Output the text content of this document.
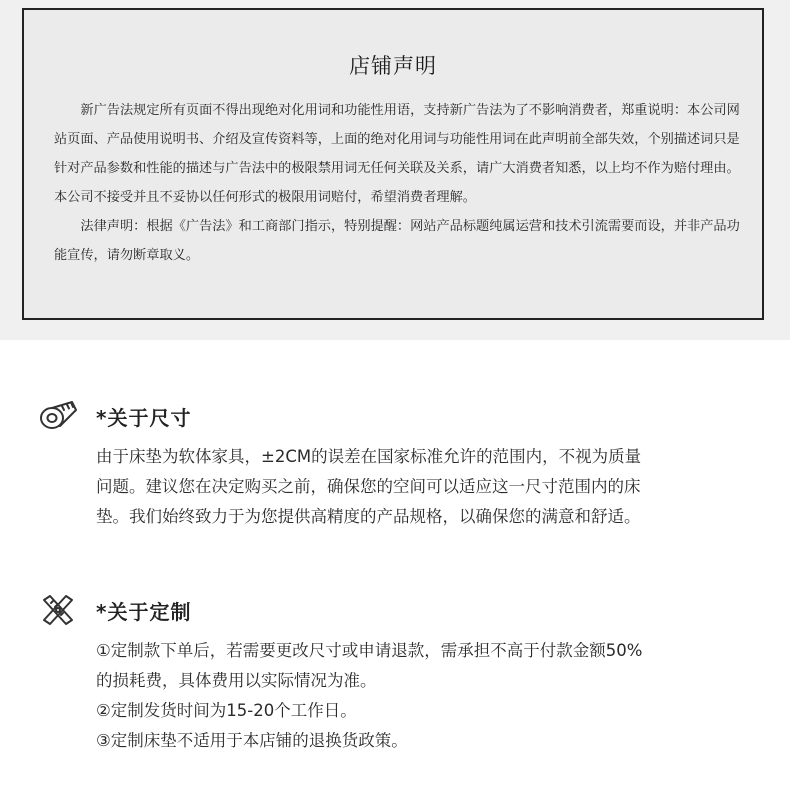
店铺声明

新广告法规定所有页面不得出现绝对化用词和功能性用语，支持新广告法为了不影响消费者，郑重说明：本公司网站页面、产品使用说明书、介绍及宣传资料等，上面的绝对化用词与功能性用词在此声明前全部失效，个别描述词只是针对产品参数和性能的描述与广告法中的极限禁用词无任何关联及关系，请广大消费者知悉，以上均不作为赔付理由。本公司不接受并且不妥协以任何形式的极限用词赔付，希望消费者理解。

法律声明：根据《广告法》和工商部门指示，特别提醒：网站产品标题纯属运营和技术引流需要而设，并非产品功能宣传，请勿断章取义。

*关于尺寸
由于床垫为软体家具，±2CM的误差在国家标准允许的范围内，不视为质量
问题。建议您在决定购买之前，确保您的空间可以适应这一尺寸范围内的床
垫。我们始终致力于为您提供高精度的产品规格，以确保您的满意和舒适。
*关于定制
①定制款下单后，若需要更改尺寸或申请退款，需承担不高于付款金额50%
的损耗费，具体费用以实际情况为准。
②定制发货时间为15-20个工作日。
③定制床垫不适用于本店铺的退换货政策。
